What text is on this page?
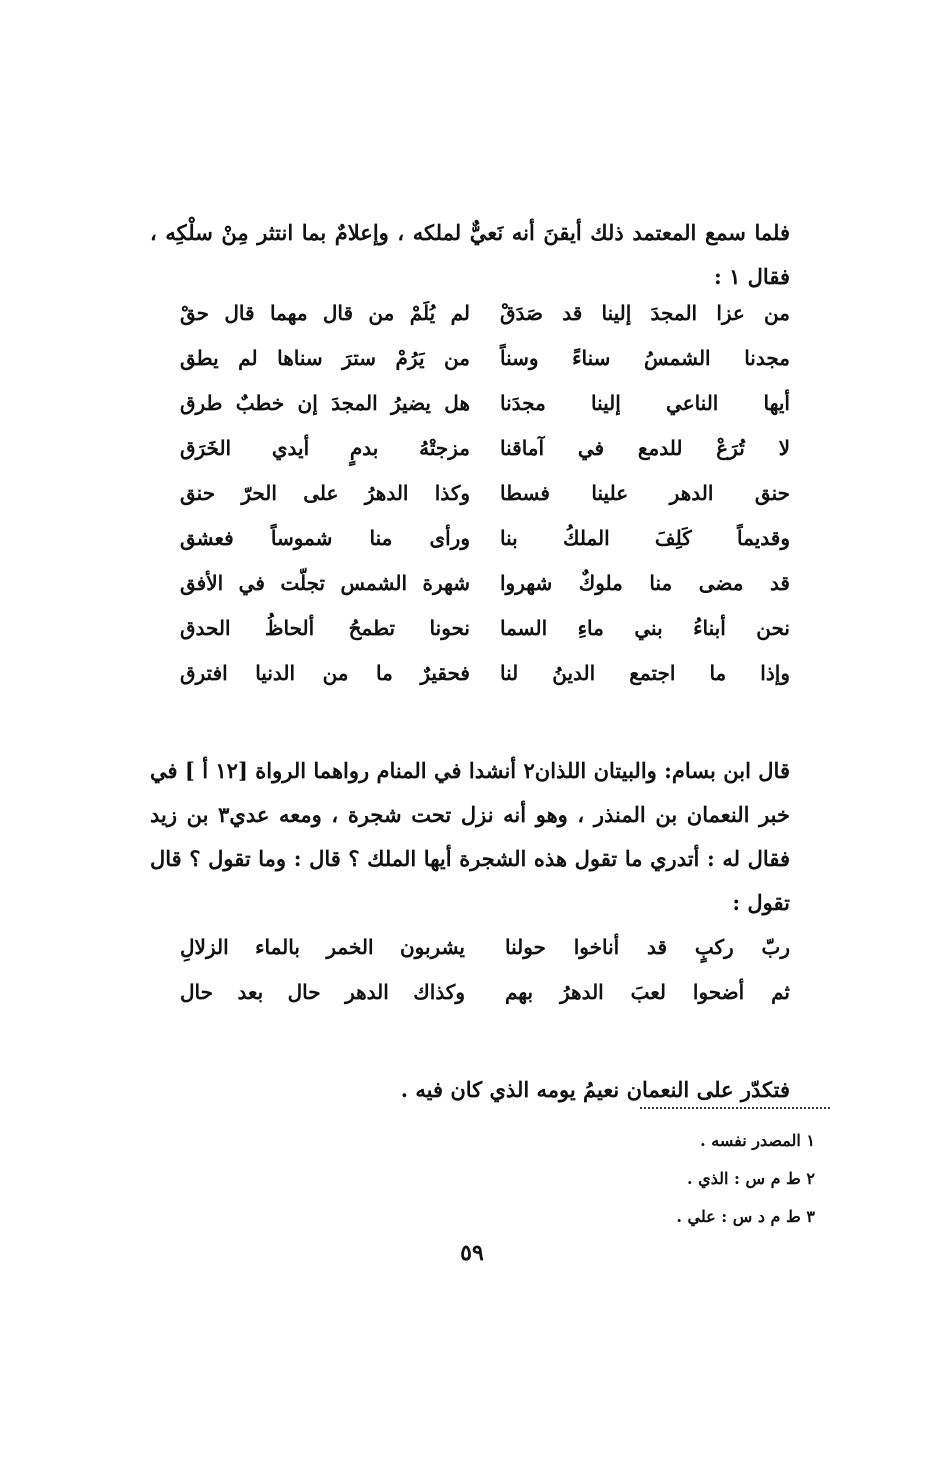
فلما سمع المعتمد ذلك أيقنَ أنه نَعيٌّ لملكه ، وإعلامٌ بما انتثر مِنْ سلْكِه ، فقال ١ :

من عزا المجدَ إلينا قد صَدَقْ
لم يُلَمْ من قال مهما قال حقْ
مجدنا الشمسُ سناءً وسناً
من يَرُمْ سترَ سناها لم يطق
أيها الناعي إلينا مجدَنا
هل يضيرُ المجدَ إن خطبٌ طرق
لا تُرَعْ للدمع في آماقنا
مزجتْهُ بدمٍ أيدي الخَرَق
حنق الدهر علينا فسطا
وكذا الدهرُ على الحرّ حنق
وقديماً كَلِفَ الملكُ بنا
ورأى منا شموساً فعشق
قد مضى منا ملوكٌ شهروا
شهرة الشمس تجلّت في الأفق
نحن أبناءُ بني ماءِ السما
نحونا تطمحُ ألحاظُ الحدق
وإذا ما اجتمع الدينُ لنا
فحقيرٌ ما من الدنيا افترق

قال ابن بسام: والبيتان اللذان٢ أنشدا في المنام رواهما الرواة [١٢ أ ] في خبر النعمان بن المنذر ، وهو أنه نزل تحت شجرة ، ومعه عدي٣ بن زيد فقال له : أتدري ما تقول هذه الشجرة أيها الملك ؟ قال : وما تقول ؟ قال تقول :

ربّ ركبٍ قد أناخوا حولنا
يشربون الخمر بالماء الزلالِ
ثم أضحوا لعبَ الدهرُ بهم
وكذاك الدهر حال بعد حال

فتكدّر على النعمان نعيمُ يومه الذي كان فيه .

١ المصدر نفسه .
٢ ط م س : الذي .
٣ ط م د س : علي .
٥٩
